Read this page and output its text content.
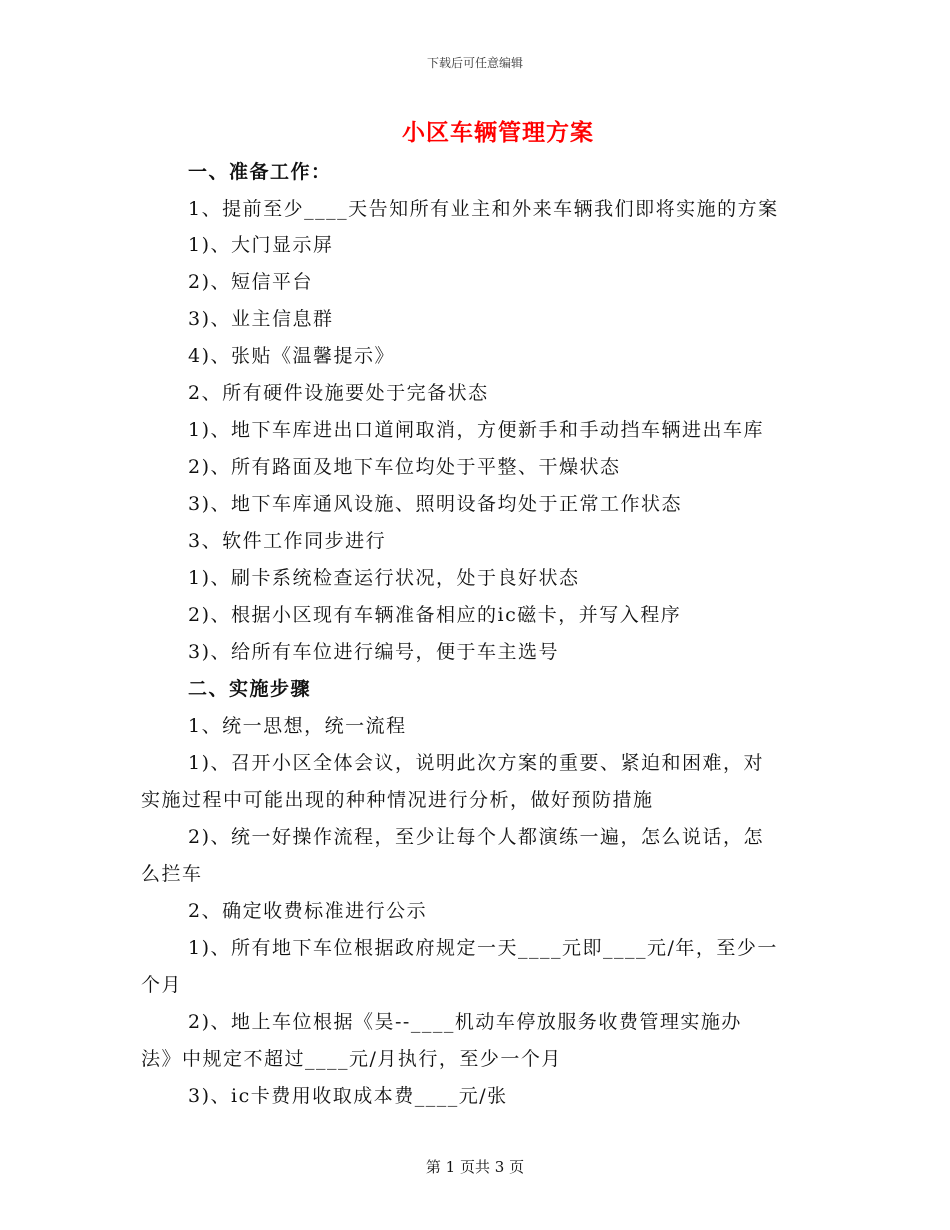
下载后可任意编辑
小区车辆管理方案
一、准备工作：
1、提前至少____天告知所有业主和外来车辆我们即将实施的方案
1)、大门显示屏
2)、短信平台
3)、业主信息群
4)、张贴《温馨提示》
2、所有硬件设施要处于完备状态
1)、地下车库进出口道闸取消，方便新手和手动挡车辆进出车库
2)、所有路面及地下车位均处于平整、干燥状态
3)、地下车库通风设施、照明设备均处于正常工作状态
3、软件工作同步进行
1)、刷卡系统检查运行状况，处于良好状态
2)、根据小区现有车辆准备相应的ic磁卡，并写入程序
3)、给所有车位进行编号，便于车主选号
二、实施步骤
1、统一思想，统一流程
1)、召开小区全体会议，说明此次方案的重要、紧迫和困难，对
实施过程中可能出现的种种情况进行分析，做好预防措施
2)、统一好操作流程，至少让每个人都演练一遍，怎么说话，怎
么拦车
2、确定收费标准进行公示
1)、所有地下车位根据政府规定一天____元即____元/年，至少一
个月
2)、地上车位根据《吴--____机动车停放服务收费管理实施办
法》中规定不超过____元/月执行，至少一个月
3)、ic卡费用收取成本费____元/张
第 1 页共 3 页
